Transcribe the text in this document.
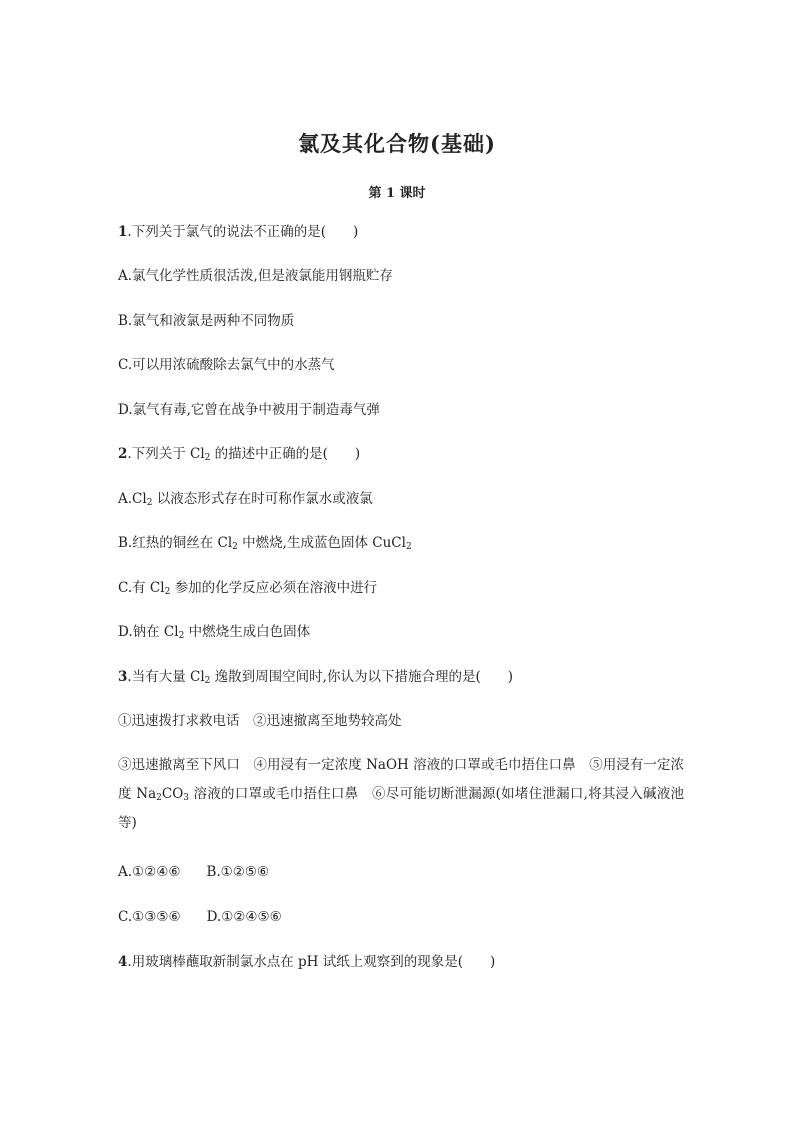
氯及其化合物(基础)
第 1 课时
1.下列关于氯气的说法不正确的是(　　)
A.氯气化学性质很活泼,但是液氯能用钢瓶贮存
B.氯气和液氯是两种不同物质
C.可以用浓硫酸除去氯气中的水蒸气
D.氯气有毒,它曾在战争中被用于制造毒气弹
2.下列关于 $Cl_2$ 的描述中正确的是(　　)
$A.Cl_2$ 以液态形式存在时可称作氯水或液氯
B.红热的铜丝在 $Cl_2$ 中燃烧,生成蓝色固体 CuCl$_2$
C.有 $Cl_2$ 参加的化学反应必须在溶液中进行
D.钠在 $Cl_2$ 中燃烧生成白色固体
3.当有大量 $Cl_2$ 逸散到周围空间时,你认为以下措施合理的是(　　)
①迅速拨打求救电话　②迅速撤离至地势较高处
③迅速撤离至下风口　④用浸有一定浓度 NaOH 溶液的口罩或毛巾捂住口鼻　⑤用浸有一定浓度 $Na_2CO_3$ 溶液的口罩或毛巾捂住口鼻　⑥尽可能切断泄漏源(如堵住泄漏口,将其浸入碱液池等)
A.①②④⑥ B.①②⑤⑥
C.①③⑤⑥ D.①②④⑤⑥
4.用玻璃棒蘸取新制氯水点在 pH 试纸上观察到的现象是(　　)
